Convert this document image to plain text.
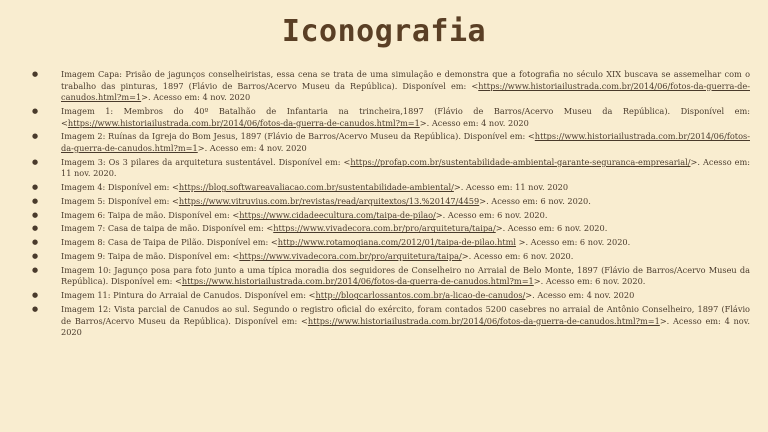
Iconografia
● Imagem Capa: Prisão de jagunços conselheiristas, essa cena se trata de uma simulação e demonstra que a fotografia no século XIX buscava se assemelhar com o trabalho das pinturas, 1897 (Flávio de Barros/Acervo Museu da República). Disponível em: <https://www.historiailustrada.com.br/2014/06/fotos-da-guerra-de-canudos.html?m=1>. Acesso em: 4 nov. 2020
● Imagem 1: Membros do 40º Batalhão de Infantaria na trincheira,1897 (Flávio de Barros/Acervo Museu da República). Disponível em: <https://www.historiailustrada.com.br/2014/06/fotos-da-guerra-de-canudos.html?m=1>. Acesso em: 4 nov. 2020
● Imagem 2: Ruínas da Igreja do Bom Jesus, 1897 (Flávio de Barros/Acervo Museu da República). Disponível em: <https://www.historiailustrada.com.br/2014/06/fotos-da-guerra-de-canudos.html?m=1>. Acesso em: 4 nov. 2020
● Imagem 3: Os 3 pilares da arquitetura sustentável. Disponível em: <https://profap.com.br/sustentabilidade-ambiental-garante-seguranca-empresarial/>. Acesso em: 11 nov. 2020.
● Imagem 4: Disponível em: <https://blog.softwareavaliacao.com.br/sustentabilidade-ambiental/>. Acesso em: 11 nov. 2020
● Imagem 5: Disponível em: <https://www.vitruvius.com.br/revistas/read/arquitextos/13.%20147/4459>. Acesso em: 6 nov. 2020.
● Imagem 6: Taipa de mão. Disponível em: <https://www.cidadeecultura.com/taipa-de-pilao/>. Acesso em: 6 nov. 2020.
● Imagem 7: Casa de taipa de mão. Disponível em: <https://www.vivadecora.com.br/pro/arquitetura/taipa/>. Acesso em: 6 nov. 2020.
● Imagem 8: Casa de Taipa de Pilão. Disponível em: <http://www.rotamogiana.com/2012/01/taipa-de-pilao.html >. Acesso em: 6 nov. 2020.
● Imagem 9: Taipa de mão. Disponível em: <https://www.vivadecora.com.br/pro/arquitetura/taipa/>. Acesso em: 6 nov. 2020.
● Imagem 10: Jagunço posa para foto junto a uma típica moradia dos seguidores de Conselheiro no Arraial de Belo Monte, 1897 (Flávio de Barros/Acervo Museu da República). Disponível em: <https://www.historiailustrada.com.br/2014/06/fotos-da-guerra-de-canudos.html?m=1>. Acesso em: 6 nov. 2020.
● Imagem 11: Pintura do Arraial de Canudos. Disponível em: <http://blogcarlossantos.com.br/a-licao-de-canudos/>. Acesso em: 4 nov. 2020
● Imagem 12: Vista parcial de Canudos ao sul. Segundo o registro oficial do exército, foram contados 5200 casebres no arraial de Antônio Conselheiro, 1897 (Flávio de Barros/Acervo Museu da República). Disponível em: <https://www.historiailustrada.com.br/2014/06/fotos-da-guerra-de-canudos.html?m=1>. Acesso em: 4 nov. 2020
